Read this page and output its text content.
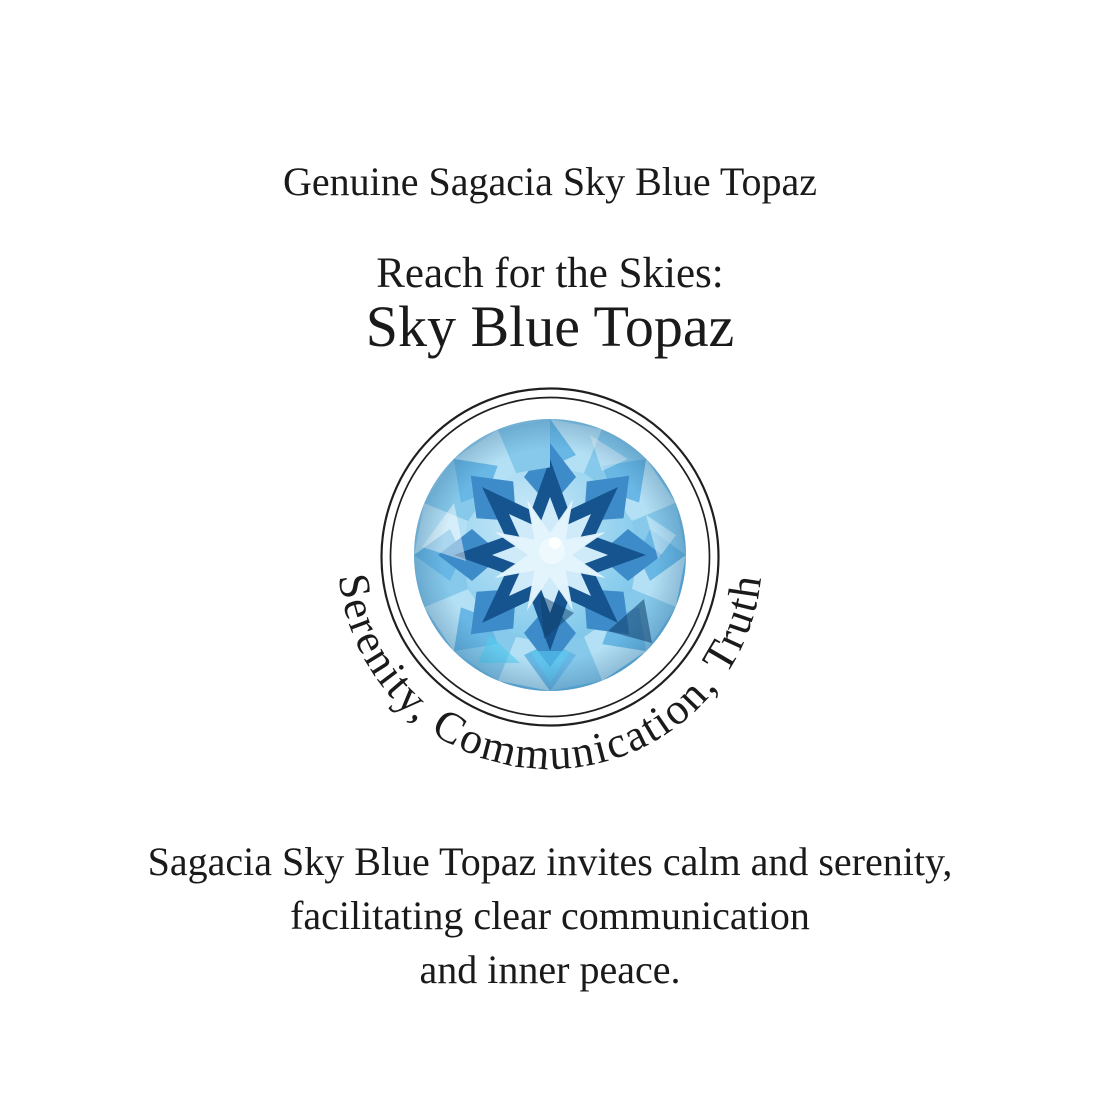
Genuine Sagacia Sky Blue Topaz
Reach for the Skies:
Sky Blue Topaz
Serenity, Communication, Truth
Sagacia Sky Blue Topaz invites calm and serenity,
facilitating clear communication
and inner peace.
